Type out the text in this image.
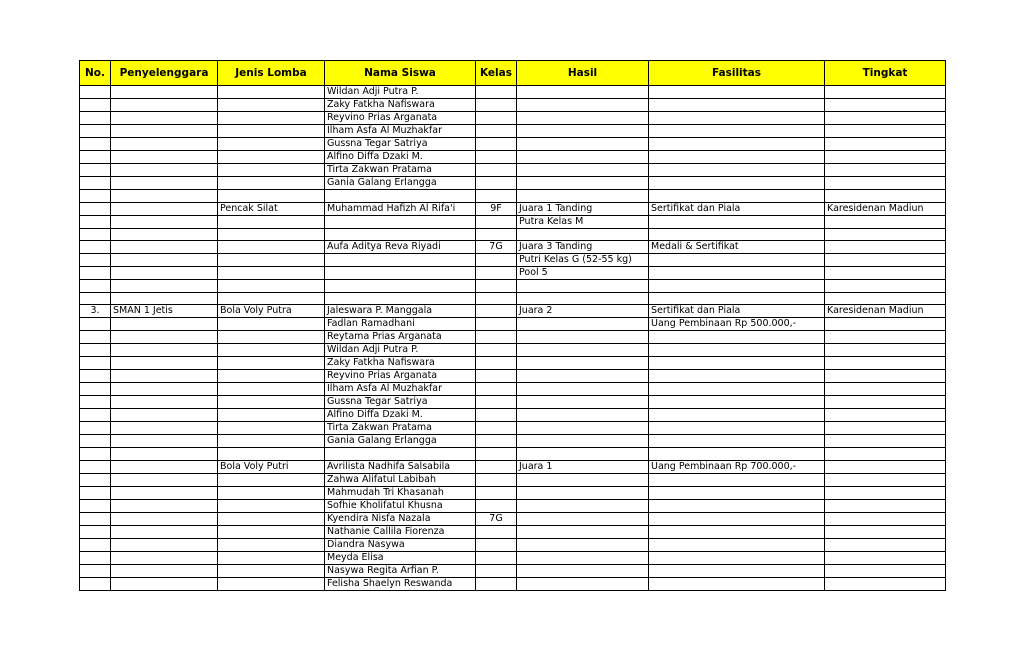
No.	Penyelenggara	Jenis Lomba	Nama Siswa	Kelas	Hasil	Fasilitas	Tingkat
			Wildan Adji Putra P.				
			Zaky Fatkha Nafiswara				
			Reyvino Prias Arganata				
			Ilham Asfa Al Muzhakfar				
			Gussna Tegar Satriya				
			Alfino Diffa Dzaki M.				
			Tirta Zakwan Pratama				
			Gania Galang Erlangga				

		Pencak Silat	Muhammad Hafizh Al Rifa'i	9F	Juara 1 Tanding	Sertifikat dan Piala	Karesidenan Madiun
					Putra Kelas M		

			Aufa Aditya Reva Riyadi	7G	Juara 3 Tanding	Medali & Sertifikat	
					Putri Kelas G (52-55 kg)		
					Pool 5		

3.	SMAN 1 Jetis	Bola Voly Putra	Jaleswara P. Manggala		Juara 2	Sertifikat dan Piala	Karesidenan Madiun
			Fadlan Ramadhani			Uang Pembinaan Rp 500.000,-	
			Reytama Prias Arganata				
			Wildan Adji Putra P.				
			Zaky Fatkha Nafiswara				
			Reyvino Prias Arganata				
			Ilham Asfa Al Muzhakfar				
			Gussna Tegar Satriya				
			Alfino Diffa Dzaki M.				
			Tirta Zakwan Pratama				
			Gania Galang Erlangga				

		Bola Voly Putri	Avrilista Nadhifa Salsabila		Juara 1	Uang Pembinaan Rp 700.000,-	
			Zahwa Alifatul Labibah				
			Mahmudah Tri Khasanah				
			Sofhie Kholifatul Khusna				
			Kyendira Nisfa Nazala	7G			
			Nathanie Callila Fiorenza				
			Diandra Nasywa				
			Meyda Elisa				
			Nasywa Regita Arfian P.				
			Felisha Shaelyn Reswanda				
